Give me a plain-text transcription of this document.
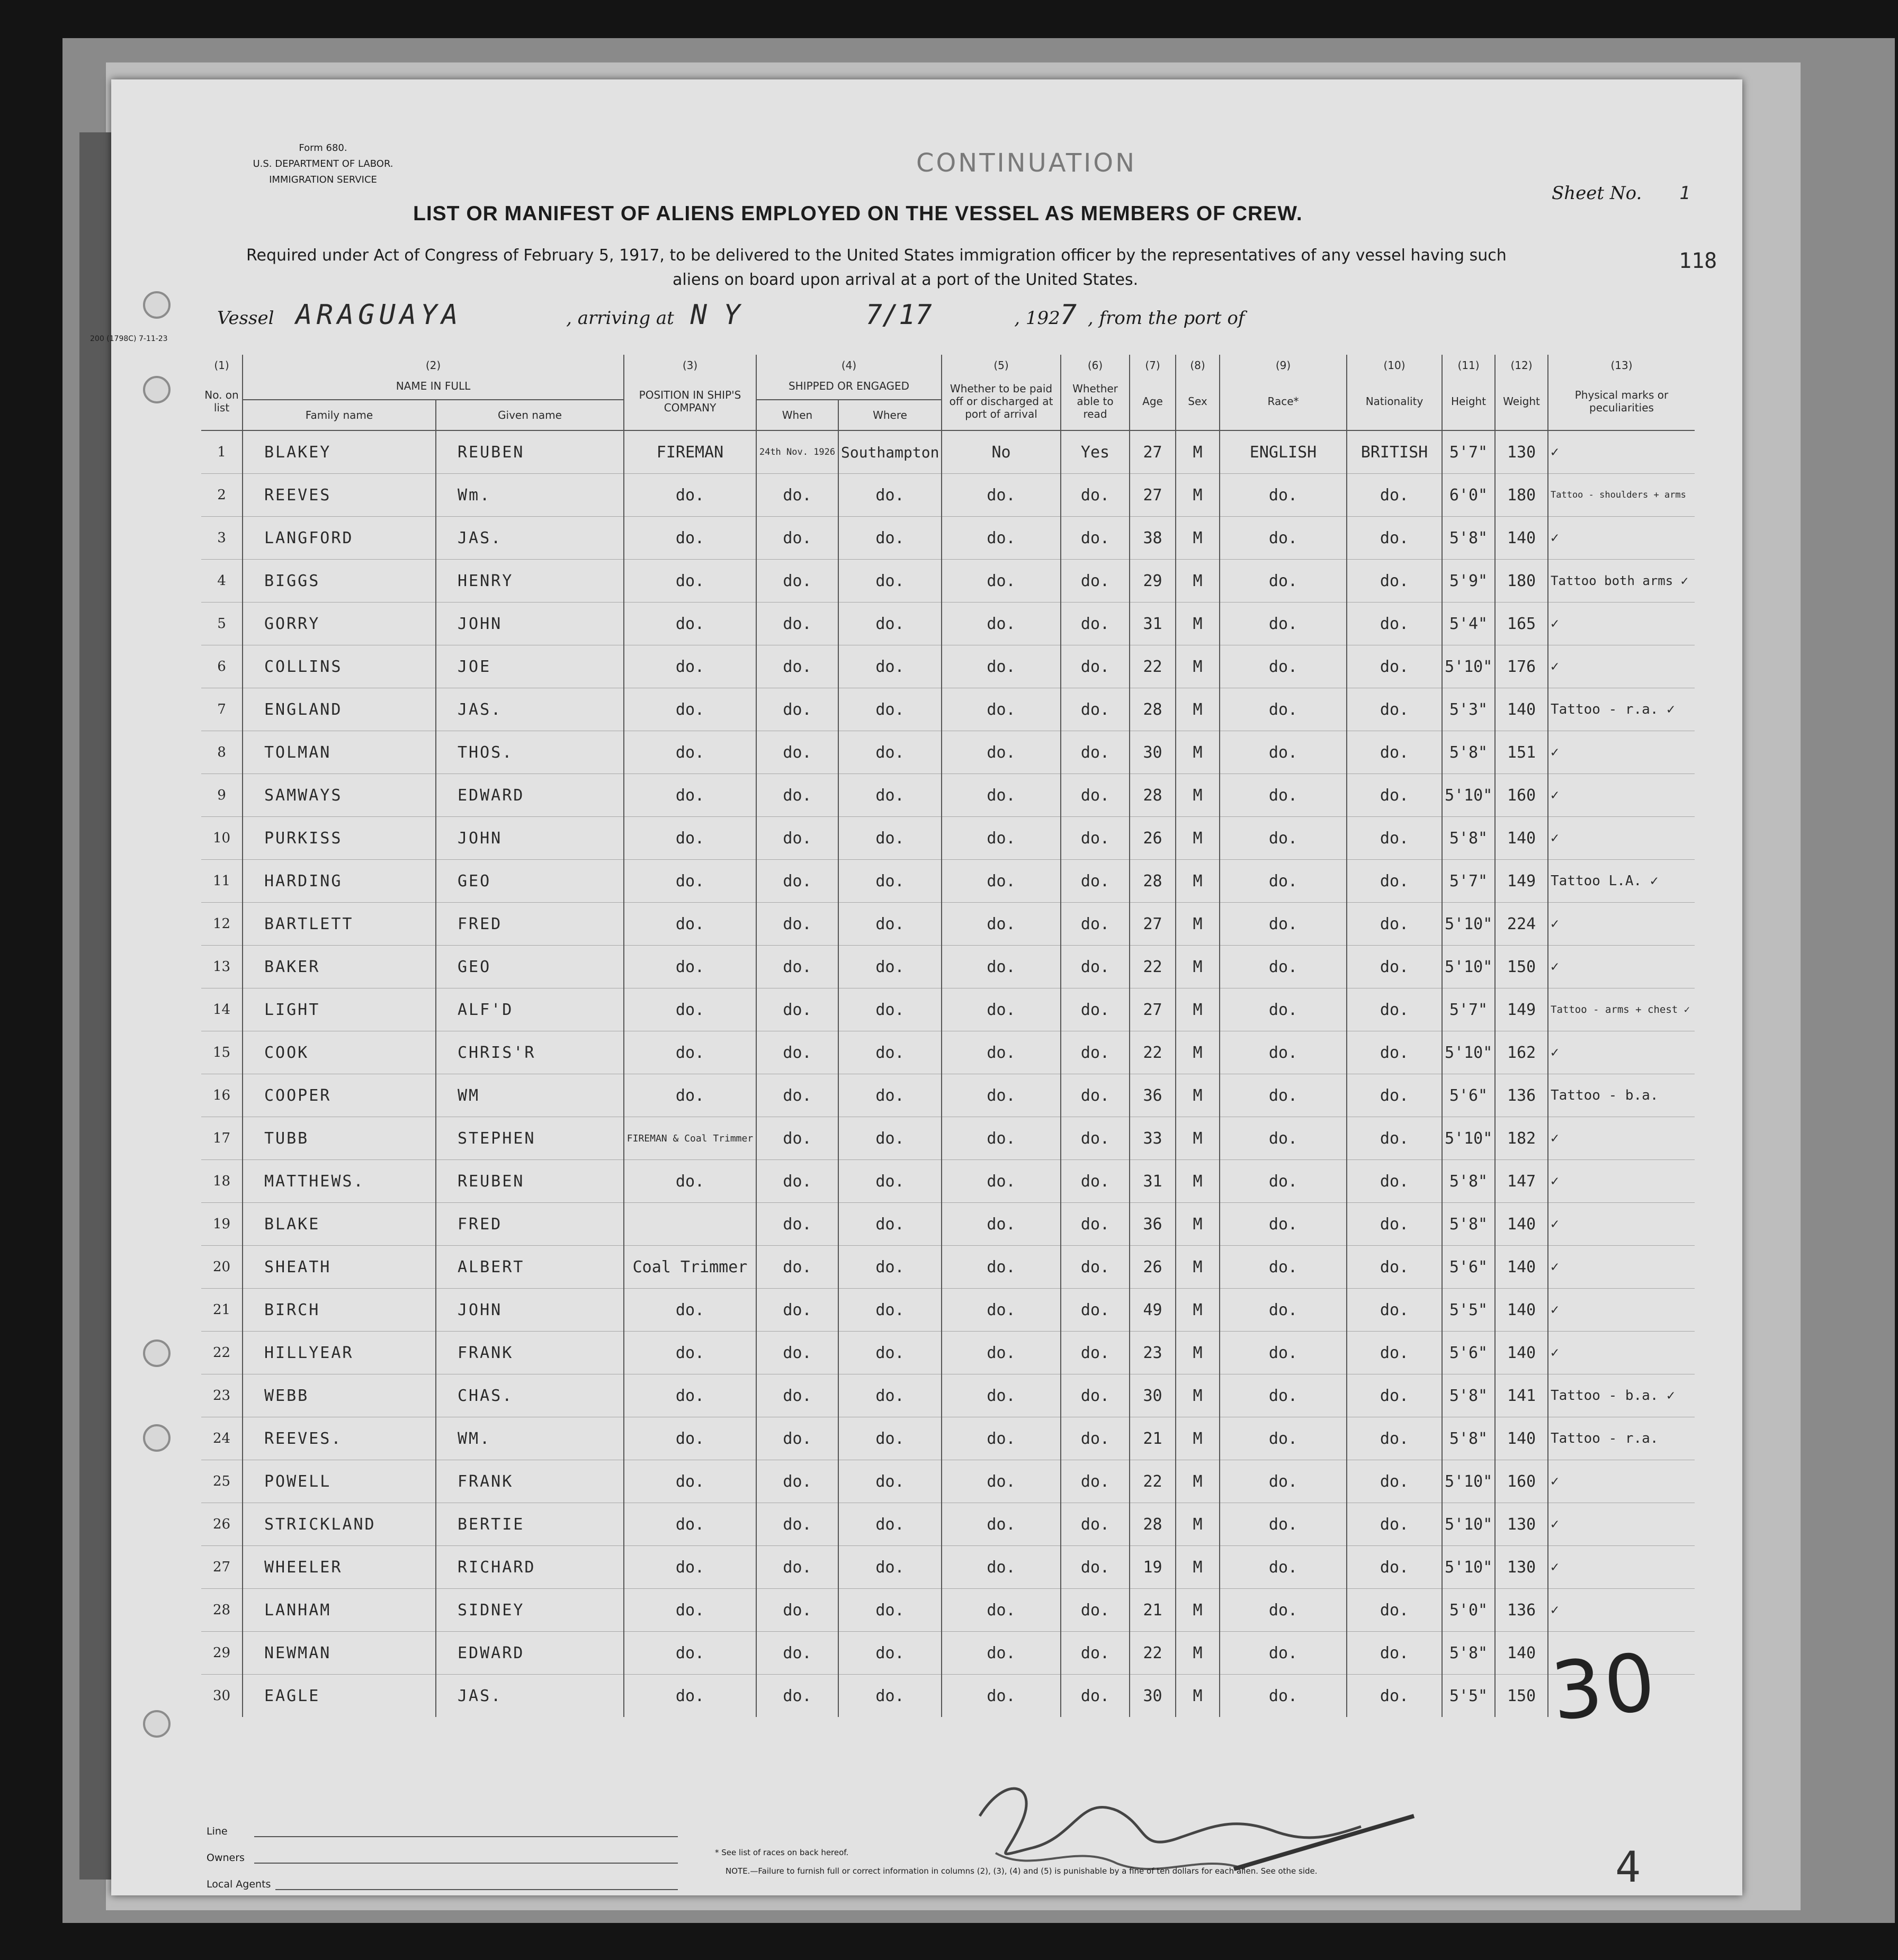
Form 680.
U.S. DEPARTMENT OF LABOR.
IMMIGRATION SERVICE
CONTINUATION
Sheet No. 1
LIST OR MANIFEST OF ALIENS EMPLOYED ON THE VESSEL AS MEMBERS OF CREW.
118
Required under Act of Congress of February 5, 1917, to be delivered to the United States immigration officer by the representatives of any vessel having such
aliens on board upon arrival at a port of the United States.
Vessel ARAGUAYA	, arriving at N Y	7/17	, 1927 , from the port of
200 (1798C) 7-11-23
(1)	(2)		(3)	(4)		(5)	(6)	(7)	(8)	(9)	(10)	(11)	(12)	(13)
No. on list	NAME IN FULL		POSITION IN SHIP'S COMPANY	SHIPPED OR ENGAGED		Whether to be paid off or discharged at port of arrival	Whether able to read	Age	Sex	Race*	Nationality	Height	Weight	Physical marks or peculiarities
	Family name	Given name		When	Where									
1	BLAKEY	REUBEN	FIREMAN	24th Nov. 1926	Southampton	No	Yes	27	M	ENGLISH	BRITISH	5'7"	130	✓
2	REEVES	Wm.	do.	do.	do.	do.	do.	27	M	do.	do.	6'0"	180	Tattoo - shoulders + arms
3	LANGFORD	JAS.	do.	do.	do.	do.	do.	38	M	do.	do.	5'8"	140	✓
4	BIGGS	HENRY	do.	do.	do.	do.	do.	29	M	do.	do.	5'9"	180	Tattoo both arms ✓
5	GORRY	JOHN	do.	do.	do.	do.	do.	31	M	do.	do.	5'4"	165	✓
6	COLLINS	JOE	do.	do.	do.	do.	do.	22	M	do.	do.	5'10"	176	✓
7	ENGLAND	JAS.	do.	do.	do.	do.	do.	28	M	do.	do.	5'3"	140	Tattoo - r.a. ✓
8	TOLMAN	THOS.	do.	do.	do.	do.	do.	30	M	do.	do.	5'8"	151	✓
9	SAMWAYS	EDWARD	do.	do.	do.	do.	do.	28	M	do.	do.	5'10"	160	✓
10	PURKISS	JOHN	do.	do.	do.	do.	do.	26	M	do.	do.	5'8"	140	✓
11	HARDING	GEO	do.	do.	do.	do.	do.	28	M	do.	do.	5'7"	149	Tattoo L.A. ✓
12	BARTLETT	FRED	do.	do.	do.	do.	do.	27	M	do.	do.	5'10"	224	✓
13	BAKER	GEO	do.	do.	do.	do.	do.	22	M	do.	do.	5'10"	150	✓
14	LIGHT	ALF'D	do.	do.	do.	do.	do.	27	M	do.	do.	5'7"	149	Tattoo - arms + chest ✓
15	COOK	CHRIS'R	do.	do.	do.	do.	do.	22	M	do.	do.	5'10"	162	✓
16	COOPER	WM	do.	do.	do.	do.	do.	36	M	do.	do.	5'6"	136	Tattoo - b.a.
17	TUBB	STEPHEN	FIREMAN & Coal Trimmer	do.	do.	do.	do.	33	M	do.	do.	5'10"	182	✓
18	MATTHEWS.	REUBEN	do.	do.	do.	do.	do.	31	M	do.	do.	5'8"	147	✓
19	BLAKE	FRED		do.	do.	do.	do.	36	M	do.	do.	5'8"	140	✓
20	SHEATH	ALBERT	Coal Trimmer	do.	do.	do.	do.	26	M	do.	do.	5'6"	140	✓
21	BIRCH	JOHN	do.	do.	do.	do.	do.	49	M	do.	do.	5'5"	140	✓
22	HILLYEAR	FRANK	do.	do.	do.	do.	do.	23	M	do.	do.	5'6"	140	✓
23	WEBB	CHAS.	do.	do.	do.	do.	do.	30	M	do.	do.	5'8"	141	Tattoo - b.a. ✓
24	REEVES.	WM.	do.	do.	do.	do.	do.	21	M	do.	do.	5'8"	140	Tattoo - r.a.
25	POWELL	FRANK	do.	do.	do.	do.	do.	22	M	do.	do.	5'10"	160	✓
26	STRICKLAND	BERTIE	do.	do.	do.	do.	do.	28	M	do.	do.	5'10"	130	✓
27	WHEELER	RICHARD	do.	do.	do.	do.	do.	19	M	do.	do.	5'10"	130	✓
28	LANHAM	SIDNEY	do.	do.	do.	do.	do.	21	M	do.	do.	5'0"	136	✓
29	NEWMAN	EDWARD	do.	do.	do.	do.	do.	22	M	do.	do.	5'8"	140	
30	EAGLE	JAS.	do.	do.	do.	do.	do.	30	M	do.	do.	5'5"	150	30
Line
Owners
Local Agents
* See list of races on back hereof.
NOTE.—Failure to furnish full or correct information in columns (2), (3), (4) and (5) is punishable by a fine of ten dollars for each alien. See othe side.	4
